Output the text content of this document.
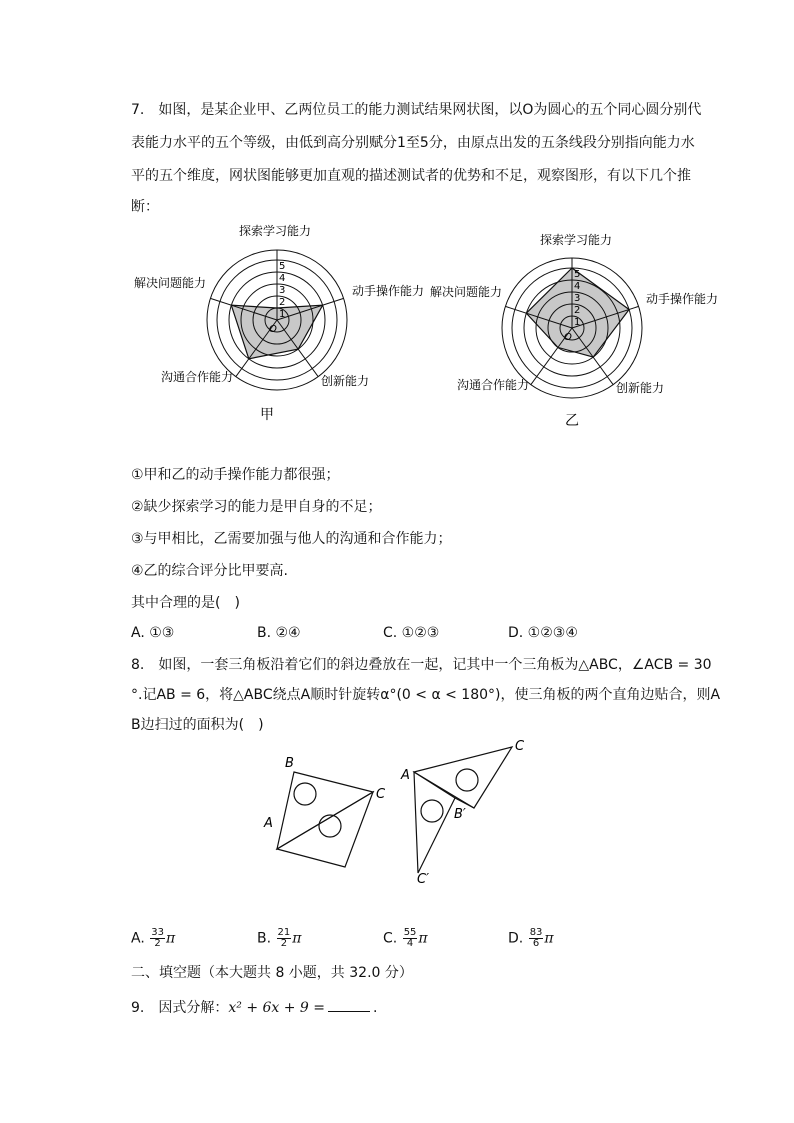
7.　如图，是某企业甲、乙两位员工的能力测试结果网状图，以O为圆心的五个同心圆分别代
表能力水平的五个等级，由低到高分别赋分1至5分，由原点出发的五条线段分别指向能力水
平的五个维度，网状图能够更加直观的描述测试者的优势和不足，观察图形，有以下几个推
断：
1
2
3
4
5
O
探索学习能力
动手操作能力
创新能力
沟通合作能力
解决问题能力
甲
1
2
3
4
5
O
探索学习能力
动手操作能力
创新能力
沟通合作能力
解决问题能力
乙
①甲和乙的动手操作能力都很强；
②缺少探索学习的能力是甲自身的不足；
③与甲相比，乙需要加强与他人的沟通和合作能力；
④乙的综合评分比甲要高.
其中合理的是(　)
A. ①③	B. ②④	C. ①②③	D. ①②③④
8.　如图，一套三角板沿着它们的斜边叠放在一起，记其中一个三角板为△ABC，∠ACB = 30
°.记AB = 6，将△ABC绕点A顺时针旋转α°(0 < α < 180°)，使三角板的两个直角边贴合，则A
B边扫过的面积为(　)
B
C
A
A
C
B′
C′
A. $\frac{33}{2}$ π	B. $\frac{21}{2}$ π	C. $\frac{55}{4}$ π	D. $\frac{83}{6}$ π
二、填空题（本大题共 8 小题，共 32.0 分）
9.　因式分解：x² + 6x + 9 =	.
